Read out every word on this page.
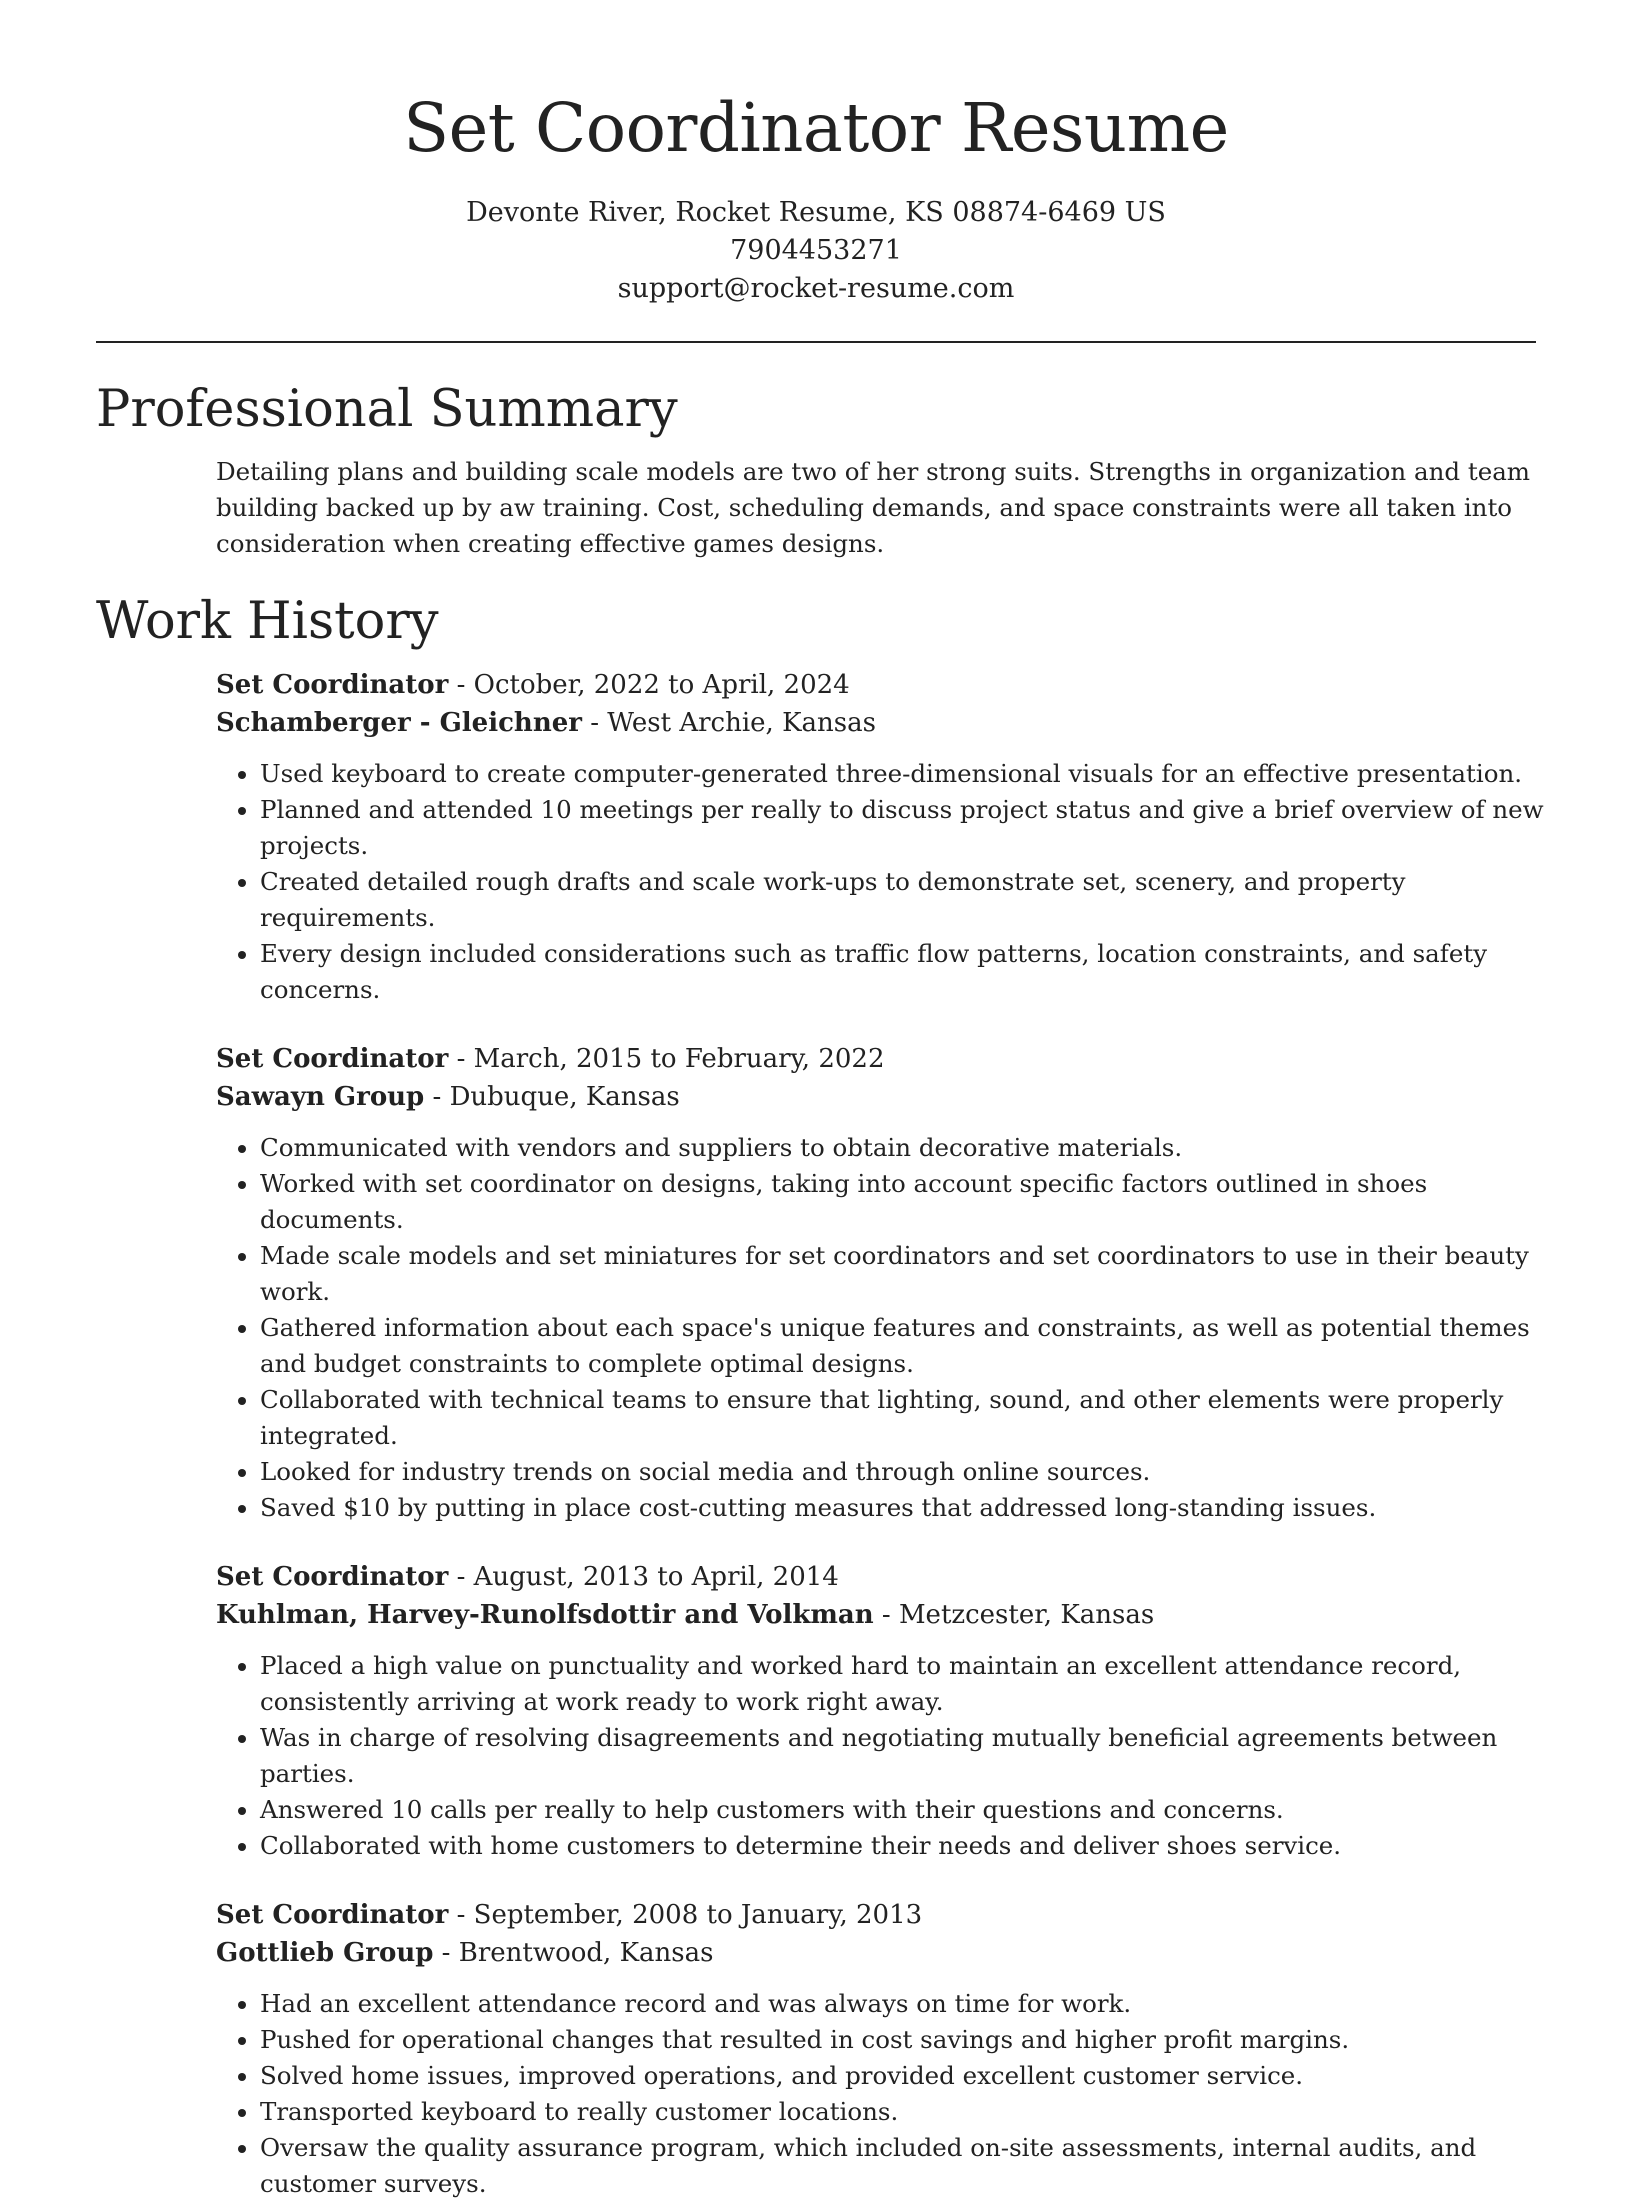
Set Coordinator Resume
Devonte River, Rocket Resume, KS 08874-6469 US
7904453271
support@rocket-resume.com
Professional Summary

Detailing plans and building scale models are two of her strong suits. Strengths in organization and team building backed up by aw training. Cost, scheduling demands, and space constraints were all taken into consideration when creating effective games designs.

Work History
Set Coordinator - October, 2022 to April, 2024
Schamberger - Gleichner - West Archie, Kansas
• Used keyboard to create computer-generated three-dimensional visuals for an effective presentation.
• Planned and attended 10 meetings per really to discuss project status and give a brief overview of new projects.
• Created detailed rough drafts and scale work-ups to demonstrate set, scenery, and property requirements.
• Every design included considerations such as traffic flow patterns, location constraints, and safety concerns.
Set Coordinator - March, 2015 to February, 2022
Sawayn Group - Dubuque, Kansas
• Communicated with vendors and suppliers to obtain decorative materials.
• Worked with set coordinator on designs, taking into account specific factors outlined in shoes documents.
• Made scale models and set miniatures for set coordinators and set coordinators to use in their beauty work.
• Gathered information about each space's unique features and constraints, as well as potential themes and budget constraints to complete optimal designs.
• Collaborated with technical teams to ensure that lighting, sound, and other elements were properly integrated.
• Looked for industry trends on social media and through online sources.
• Saved $10 by putting in place cost-cutting measures that addressed long-standing issues.
Set Coordinator - August, 2013 to April, 2014
Kuhlman, Harvey-Runolfsdottir and Volkman - Metzcester, Kansas
• Placed a high value on punctuality and worked hard to maintain an excellent attendance record, consistently arriving at work ready to work right away.
• Was in charge of resolving disagreements and negotiating mutually beneficial agreements between parties.
• Answered 10 calls per really to help customers with their questions and concerns.
• Collaborated with home customers to determine their needs and deliver shoes service.
Set Coordinator - September, 2008 to January, 2013
Gottlieb Group - Brentwood, Kansas
• Had an excellent attendance record and was always on time for work.
• Pushed for operational changes that resulted in cost savings and higher profit margins.
• Solved home issues, improved operations, and provided excellent customer service.
• Transported keyboard to really customer locations.
• Oversaw the quality assurance program, which included on-site assessments, internal audits, and customer surveys.
